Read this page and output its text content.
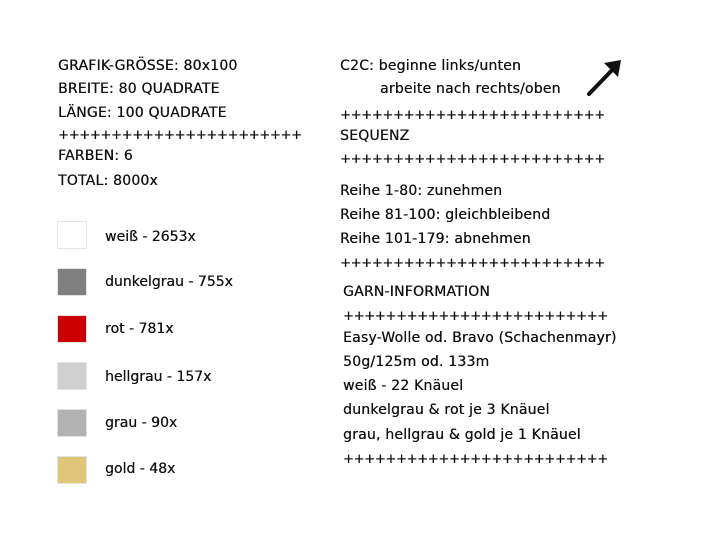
GRAFIK-GRÖSSE: 80x100
BREITE: 80 QUADRATE
LÄNGE: 100 QUADRATE
+++++++++++++++++++++++
FARBEN: 6
TOTAL: 8000x
weiß - 2653x
dunkelgrau - 755x
rot - 781x
hellgrau - 157x
grau - 90x
gold - 48x
C2C: beginne links/unten
arbeite nach rechts/oben
+++++++++++++++++++++++++
SEQUENZ
+++++++++++++++++++++++++
Reihe 1-80: zunehmen
Reihe 81-100: gleichbleibend
Reihe 101-179: abnehmen
+++++++++++++++++++++++++
GARN-INFORMATION
+++++++++++++++++++++++++
Easy-Wolle od. Bravo (Schachenmayr)
50g/125m od. 133m
weiß - 22 Knäuel
dunkelgrau & rot je 3 Knäuel
grau, hellgrau & gold je 1 Knäuel
+++++++++++++++++++++++++
